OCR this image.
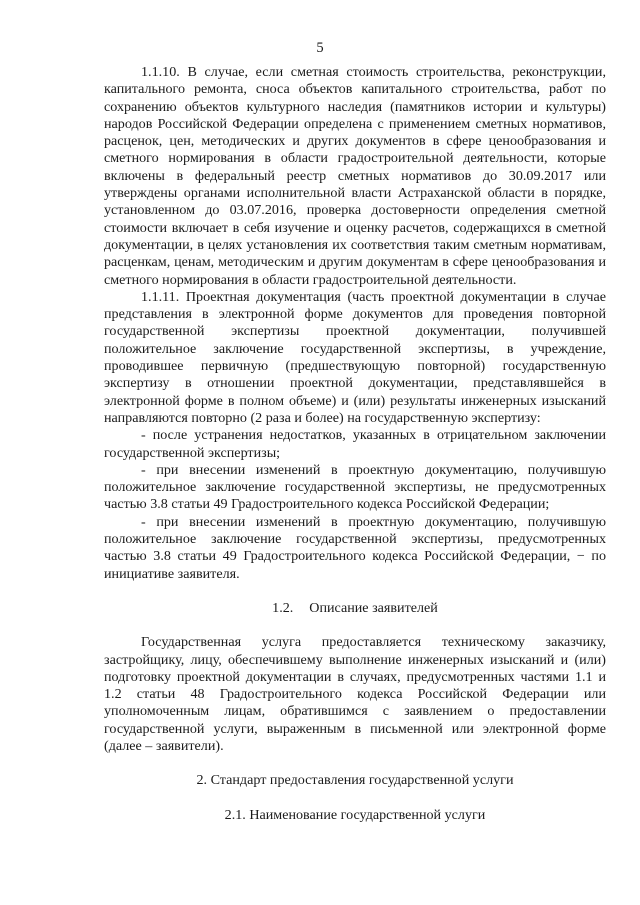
5

1.1.10. В случае, если сметная стоимость строительства, реконструкции, капитального ремонта, сноса объектов капитального строительства, работ по сохранению объектов культурного наследия (памятников истории и культуры) народов Российской Федерации определена с применением сметных нормативов, расценок, цен, методических и других документов в сфере ценообразования и сметного нормирования в области градостроительной деятельности, которые включены в федеральный реестр сметных нормативов до 30.09.2017 или утверждены органами исполнительной власти Астраханской области в порядке, установленном до 03.07.2016, проверка достоверности определения сметной стоимости включает в себя изучение и оценку расчетов, содержащихся в сметной документации, в целях установления их соответствия таким сметным нормативам, расценкам, ценам, методическим и другим документам в сфере ценообразования и сметного нормирования в области градостроительной деятельности.

1.1.11. Проектная документация (часть проектной документации в случае представления в электронной форме документов для проведения повторной государственной экспертизы проектной документации, получившей положительное заключение государственной экспертизы, в учреждение, проводившее первичную (предшествующую повторной) государственную экспертизу в отношении проектной документации, представлявшейся в электронной форме в полном объеме) и (или) результаты инженерных изысканий направляются повторно (2 раза и более) на государственную экспертизу:

- после устранения недостатков, указанных в отрицательном заключении государственной экспертизы;

- при внесении изменений в проектную документацию, получившую положительное заключение государственной экспертизы, не предусмотренных частью 3.8 статьи 49 Градостроительного кодекса Российской Федерации;

- при внесении изменений в проектную документацию, получившую положительное заключение государственной экспертизы, предусмотренных частью 3.8 статьи 49 Градостроительного кодекса Российской Федерации, − по инициативе заявителя.

1.2. Описание заявителей

Государственная услуга предоставляется техническому заказчику, застройщику, лицу, обеспечившему выполнение инженерных изысканий и (или) подготовку проектной документации в случаях, предусмотренных частями 1.1 и 1.2 статьи 48 Градостроительного кодекса Российской Федерации или уполномоченным лицам, обратившимся с заявлением о предоставлении государственной услуги, выраженным в письменной или электронной форме (далее – заявители).

2. Стандарт предоставления государственной услуги

2.1. Наименование государственной услуги
